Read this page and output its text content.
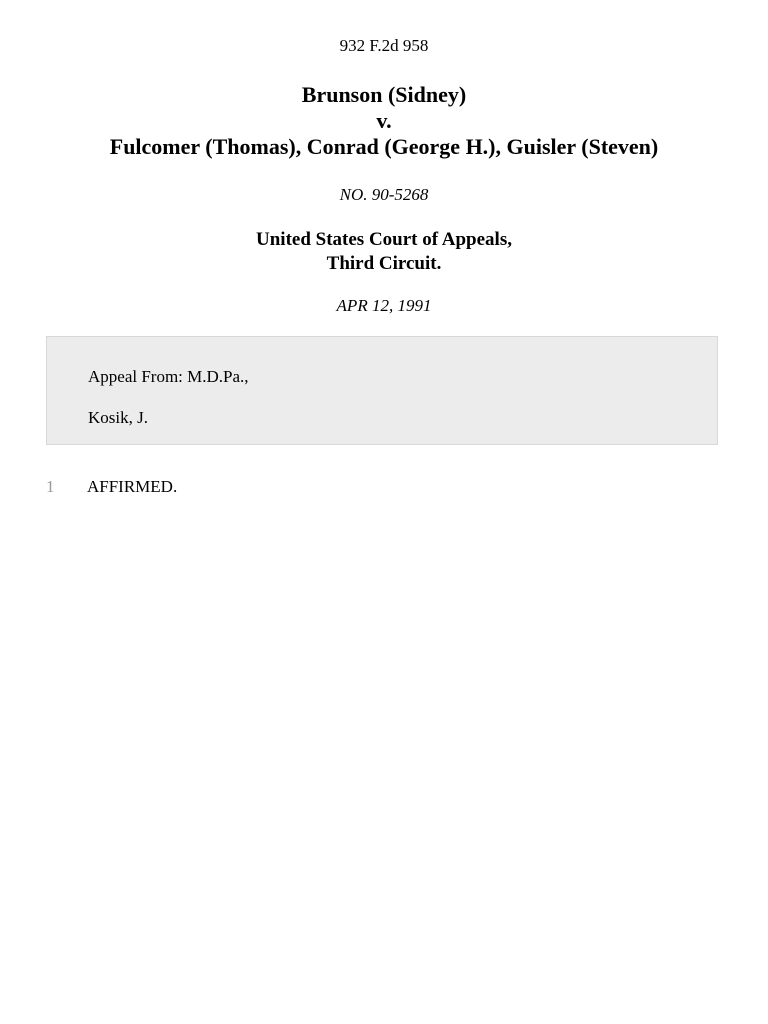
932 F.2d 958
Brunson (Sidney)
v.
Fulcomer (Thomas), Conrad (George H.), Guisler (Steven)
NO. 90-5268
United States Court of Appeals,
Third Circuit.
APR 12, 1991
Appeal From: M.D.Pa.,
Kosik, J.
1 AFFIRMED.
